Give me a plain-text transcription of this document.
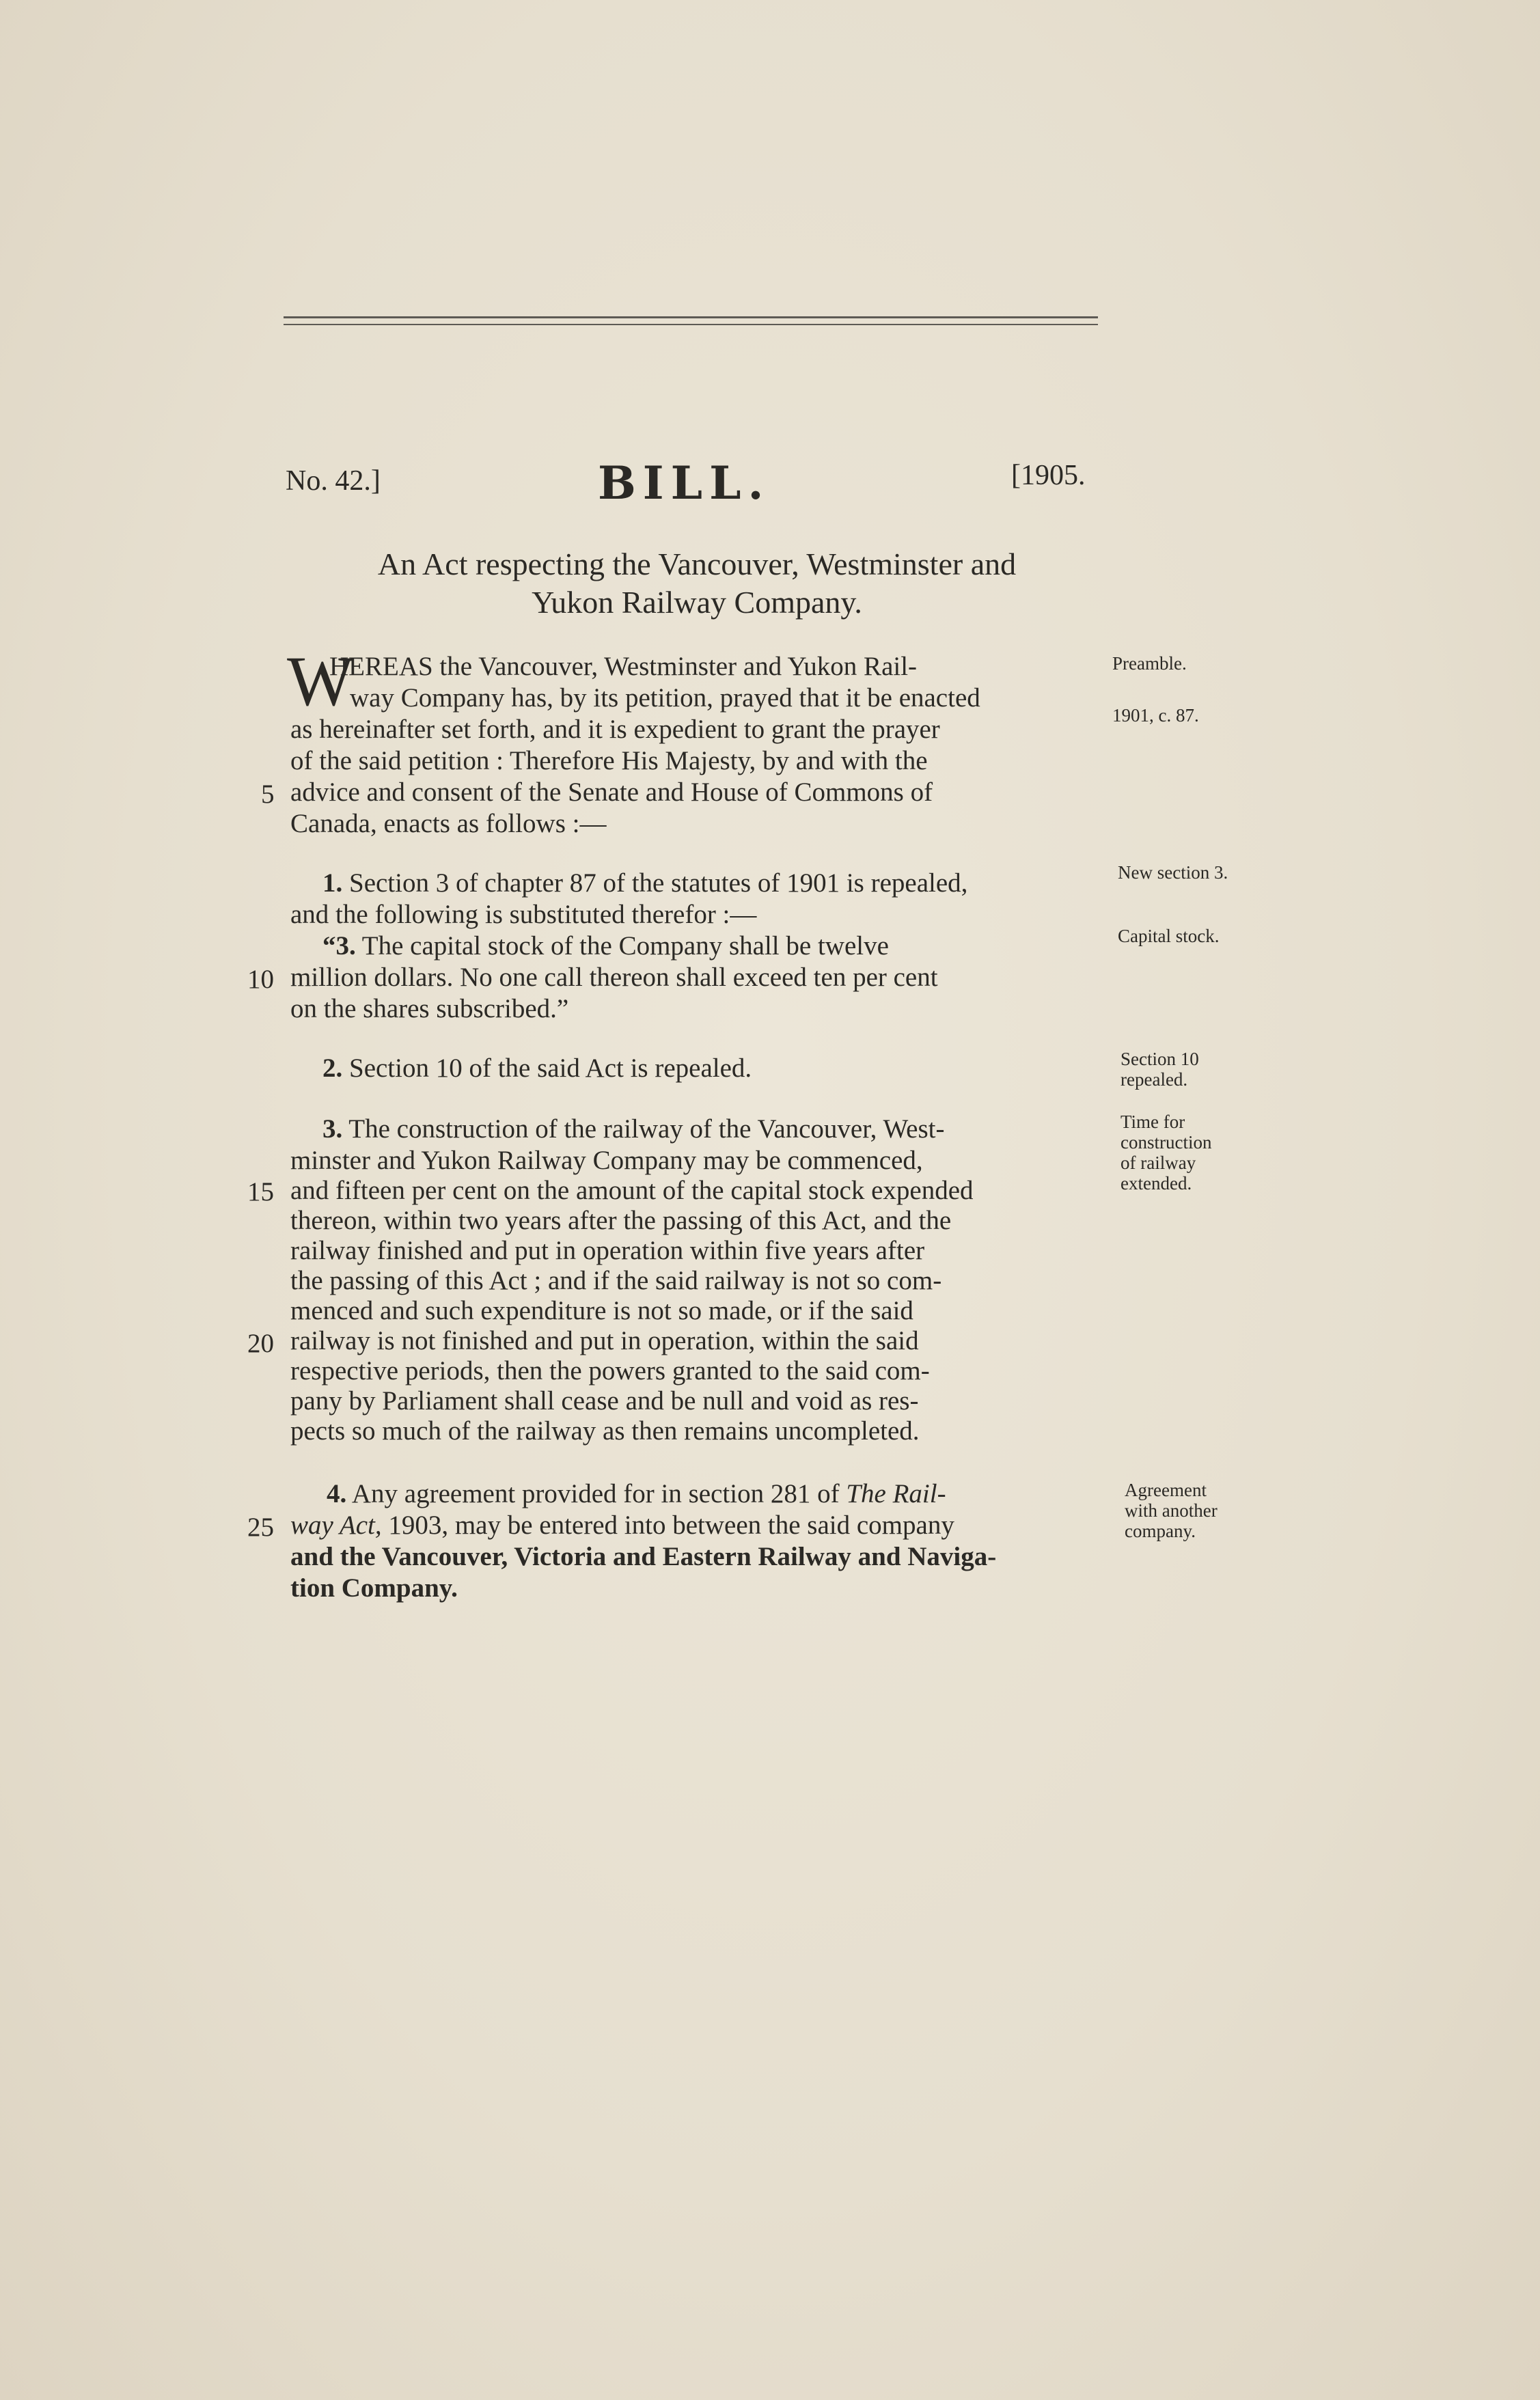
No. 42.]	BILL.	[1905.
An Act respecting the Vancouver, Westminster and
Yukon Railway Company.
W
HEREAS the Vancouver, Westminster and Yukon Rail-
way Company has, by its petition, prayed that it be enacted
as hereinafter set forth, and it is expedient to grant the prayer
of the said petition : Therefore His Majesty, by and with the
advice and consent of the Senate and House of Commons of
Canada, enacts as follows :—
5
1. Section 3 of chapter 87 of the statutes of 1901 is repealed,
and the following is substituted therefor :—
“3. The capital stock of the Company shall be twelve
million dollars. No one call thereon shall exceed ten per cent
on the shares subscribed.”
10
2. Section 10 of the said Act is repealed.
3. The construction of the railway of the Vancouver, West-
minster and Yukon Railway Company may be commenced,
and fifteen per cent on the amount of the capital stock expended
thereon, within two years after the passing of this Act, and the
railway finished and put in operation within five years after
the passing of this Act ; and if the said railway is not so com-
menced and such expenditure is not so made, or if the said
railway is not finished and put in operation, within the said
respective periods, then the powers granted to the said com-
pany by Parliament shall cease and be null and void as res-
pects so much of the railway as then remains uncompleted.
15
20
4. Any agreement provided for in section 281 of The Rail-
way Act, 1903, may be entered into between the said company
and the Vancouver, Victoria and Eastern Railway and Naviga-
tion Company.
25
Preamble.
1901, c. 87.
New section 3.
Capital stock.
Section 10
repealed.
Time for
construction
of railway
extended.
Agreement
with another
company.
